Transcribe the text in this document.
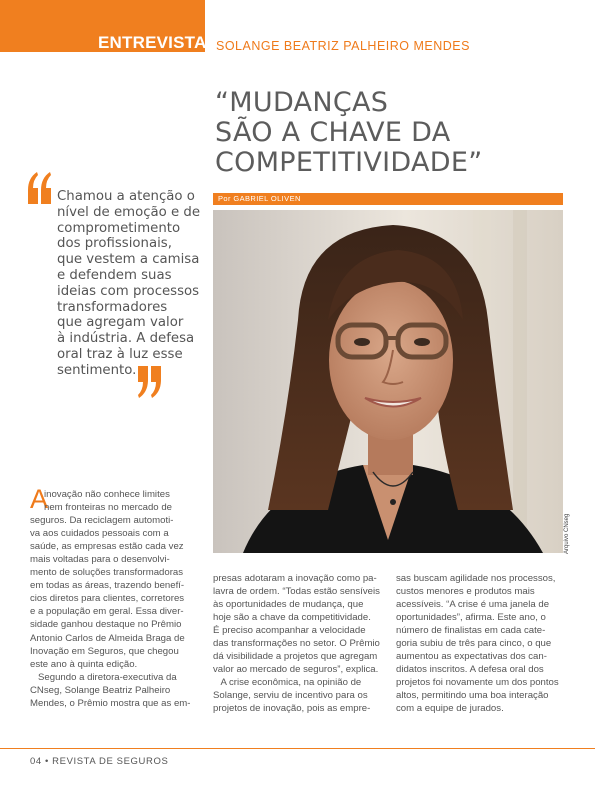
ENTREVISTA SOLANGE BEATRIZ PALHEIRO MENDES
“MUDANÇAS
SÃO A CHAVE DA
COMPETITIVIDADE”
Por GABRIEL OLIVEN
Chamou a atenção o
nível de emoção e de
comprometimento
dos profissionais,
que vestem a camisa
e defendem suas
ideias com processos
transformadores
que agregam valor
à indústria. A defesa
oral traz à luz esse
sentimento.
Arquivo CNseg
A
inovação não conhece limites
nem fronteiras no mercado de
seguros. Da reciclagem automoti-
va aos cuidados pessoais com a
saúde, as empresas estão cada vez
mais voltadas para o desenvolvi-
mento de soluções transformadoras
em todas as áreas, trazendo benefí-
cios diretos para clientes, corretores
e a população em geral. Essa diver-
sidade ganhou destaque no Prêmio
Antonio Carlos de Almeida Braga de
Inovação em Seguros, que chegou
este ano à quinta edição.
Segundo a diretora-executiva da
CNseg, Solange Beatriz Palheiro
Mendes, o Prêmio mostra que as em-
presas adotaram a inovação como pa-
lavra de ordem. “Todas estão sensíveis
às oportunidades de mudança, que
hoje são a chave da competitividade.
É preciso acompanhar a velocidade
das transformações no setor. O Prêmio
dá visibilidade a projetos que agregam
valor ao mercado de seguros”, explica.
A crise econômica, na opinião de
Solange, serviu de incentivo para os
projetos de inovação, pois as empre-
sas buscam agilidade nos processos,
custos menores e produtos mais
acessíveis. “A crise é uma janela de
oportunidades”, afirma. Este ano, o
número de finalistas em cada cate-
goria subiu de três para cinco, o que
aumentou as expectativas dos can-
didatos inscritos. A defesa oral dos
projetos foi novamente um dos pontos
altos, permitindo uma boa interação
com a equipe de jurados.
04 • REVISTA DE SEGUROS
